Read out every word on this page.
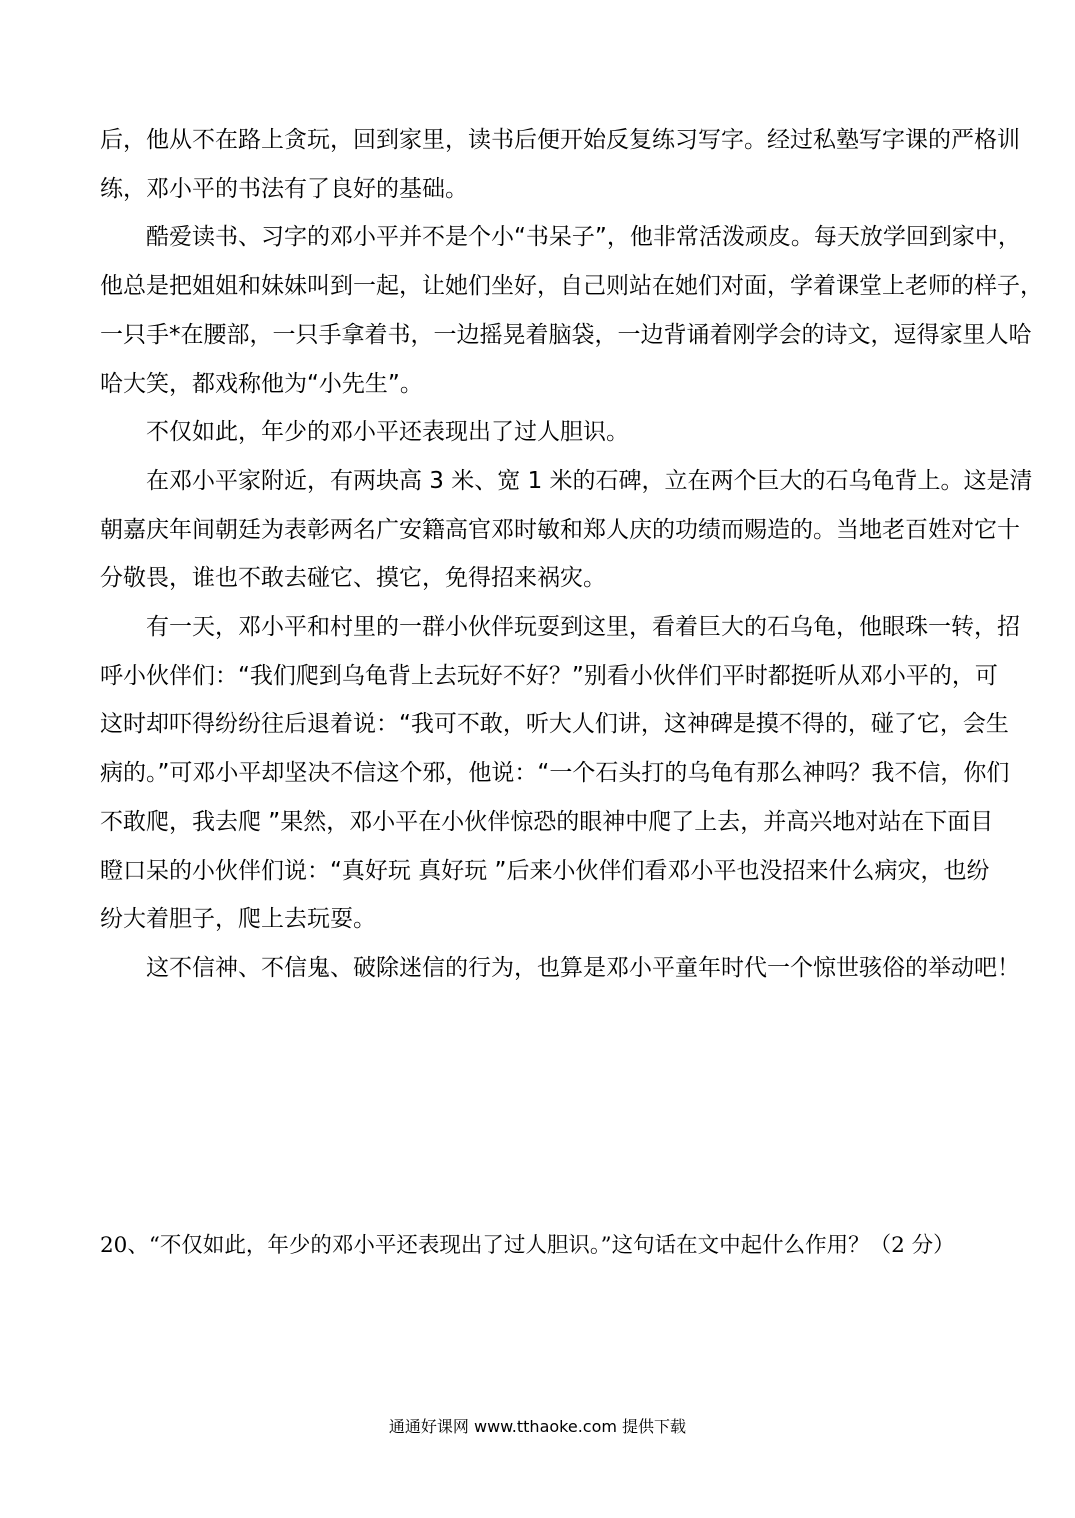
后，他从不在路上贪玩，回到家里，读书后便开始反复练习写字。经过私塾写字课的严格训
练，邓小平的书法有了良好的基础。
酷爱读书、习字的邓小平并不是个小“书呆子”，他非常活泼顽皮。每天放学回到家中，
他总是把姐姐和妹妹叫到一起，让她们坐好，自己则站在她们对面，学着课堂上老师的样子，
一只手*在腰部，一只手拿着书，一边摇晃着脑袋，一边背诵着刚学会的诗文，逗得家里人哈
哈大笑，都戏称他为“小先生”。
不仅如此，年少的邓小平还表现出了过人胆识。
在邓小平家附近，有两块高 3 米、宽 1 米的石碑，立在两个巨大的石乌龟背上。这是清
朝嘉庆年间朝廷为表彰两名广安籍高官邓时敏和郑人庆的功绩而赐造的。当地老百姓对它十
分敬畏，谁也不敢去碰它、摸它，免得招来祸灾。
有一天，邓小平和村里的一群小伙伴玩耍到这里，看着巨大的石乌龟，他眼珠一转，招
呼小伙伴们：“我们爬到乌龟背上去玩好不好？”别看小伙伴们平时都挺听从邓小平的，可
这时却吓得纷纷往后退着说：“我可不敢，听大人们讲，这神碑是摸不得的，碰了它，会生
病的。”可邓小平却坚决不信这个邪，他说：“一个石头打的乌龟有那么神吗？我不信，你们
不敢爬，我去爬 ”果然，邓小平在小伙伴惊恐的眼神中爬了上去，并高兴地对站在下面目
瞪口呆的小伙伴们说：“真好玩 真好玩 ”后来小伙伴们看邓小平也没招来什么病灾，也纷
纷大着胆子，爬上去玩耍。
这不信神、不信鬼、破除迷信的行为，也算是邓小平童年时代一个惊世骇俗的举动吧！
20、“不仅如此，年少的邓小平还表现出了过人胆识。”这句话在文中起什么作用？（2 分）
通通好课网 www.tthaoke.com 提供下载
